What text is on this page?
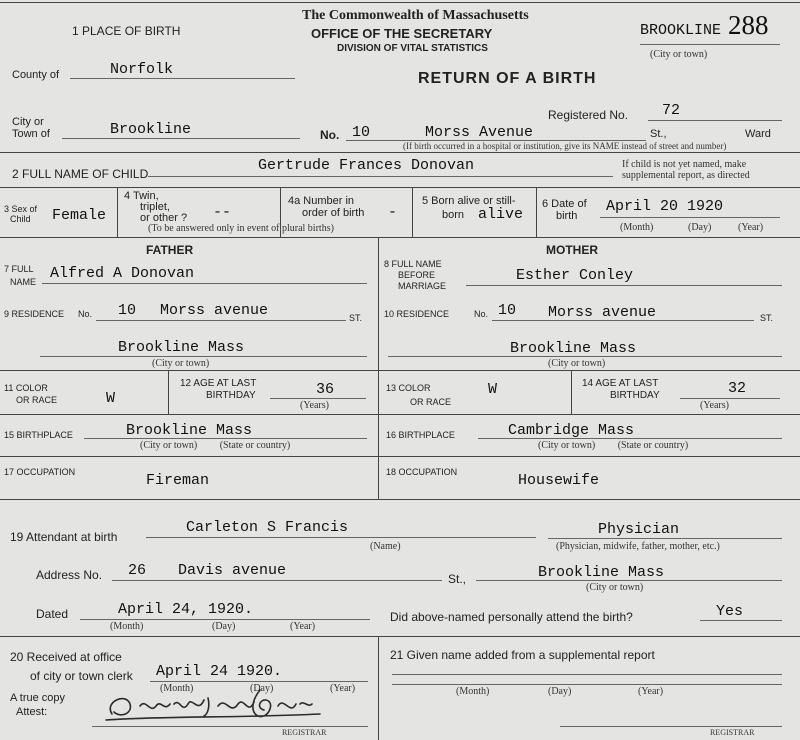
1 PLACE OF BIRTH
The Commonwealth of Massachusetts
OFFICE OF THE SECRETARY
DIVISION OF VITAL STATISTICS
RETURN OF A BIRTH
BROOKLINE 288
(City or town)
County of	Norfolk
City or
Town of	Brookline
Registered No. 72
No. 10	Morss Avenue	St.,	Ward
(If birth occurred in a hospital or institution, give its NAME instead of street and number)
2 FULL NAME OF CHILD	Gertrude Frances Donovan	If child is not yet named, make
supplemental report, as directed
3 Sex of
Child Female
4 Twin,
triplet,
or other ? --
4a Number in
order of birth -
(To be answered only in event of plural births)
5 Born alive or still-
born alive
6 Date of
birth
April 20 1920
(Month)	(Day)	(Year)
FATHER	MOTHER
7 FULL
NAME Alfred A Donovan
8 FULL NAME
BEFORE
MARRIAGE
Esther Conley
9 RESIDENCE No. 10 Morss avenue	ST.
Brookline Mass
(City or town)
10 RESIDENCE	No. 10 Morss avenue	ST.
Brookline Mass
(City or town)
11 COLOR
OR RACE	W
12 AGE AT LAST
BIRTHDAY	36
(Years)
13 COLOR
OR RACE
W	14 AGE AT LAST
BIRTHDAY	32
(Years)
15 BIRTHPLACE	Brookline Mass
(City or town)         (State or country)
16 BIRTHPLACE	Cambridge Mass
(City or town)         (State or country)
17 OCCUPATION	Fireman	18 OCCUPATION	Housewife
19 Attendant at birth
Carleton S Francis
(Name)
Physician
(Physician, midwife, father, mother, etc.)
Address No. 26 Davis avenue	St.,	Brookline Mass
(City or town)
Dated	April 24, 1920.
(Month)	(Day)	(Year)
Did above-named personally attend the birth?	Yes
20 Received at office
of city or town clerk April 24 1920.
(Month)	(Day)	(Year)
A true copy
Attest:
REGISTRAR
21 Given name added from a supplemental report
(Month)	(Day)	(Year)
REGISTRAR
